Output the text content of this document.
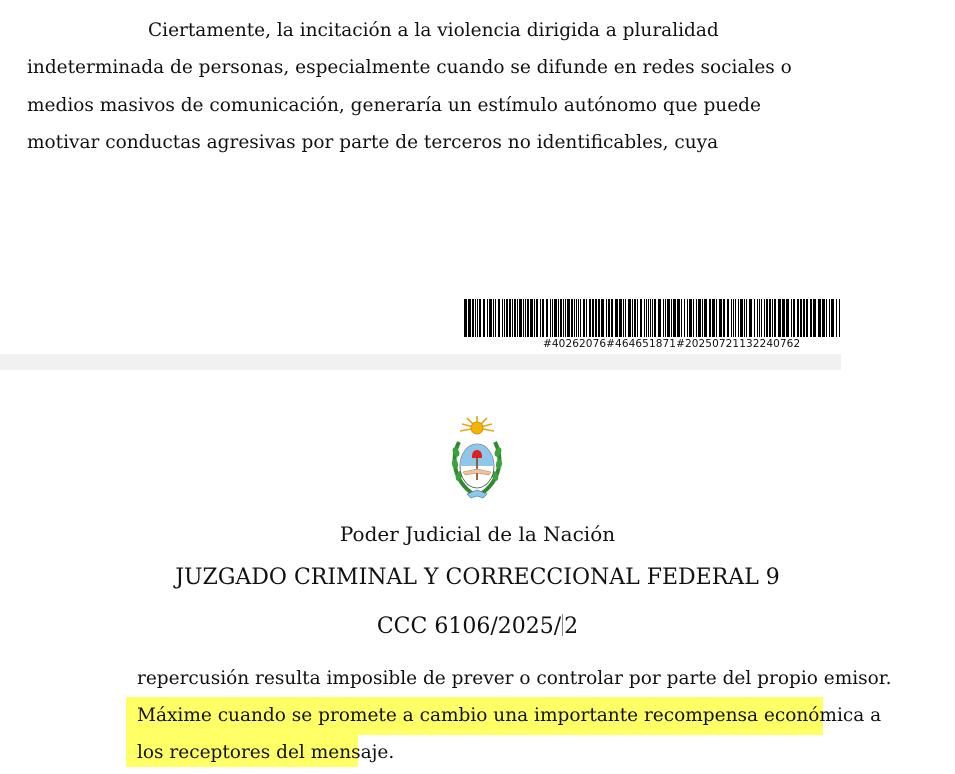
Ciertamente, la incitación a la violencia dirigida a pluralidad
indeterminada de personas, especialmente cuando se difunde en redes sociales o
medios masivos de comunicación, generaría un estímulo autónomo que puede
motivar conductas agresivas por parte de terceros no identificables, cuya
#40262076#464651871#20250721132240762
Poder Judicial de la Nación
JUZGADO CRIMINAL Y CORRECCIONAL FEDERAL 9
CCC 6106/2025/ 2
repercusión resulta imposible de prever o controlar por parte del propio emisor.
Máxime cuando se promete a cambio una importante recompensa económica a
los receptores del mensaje.
